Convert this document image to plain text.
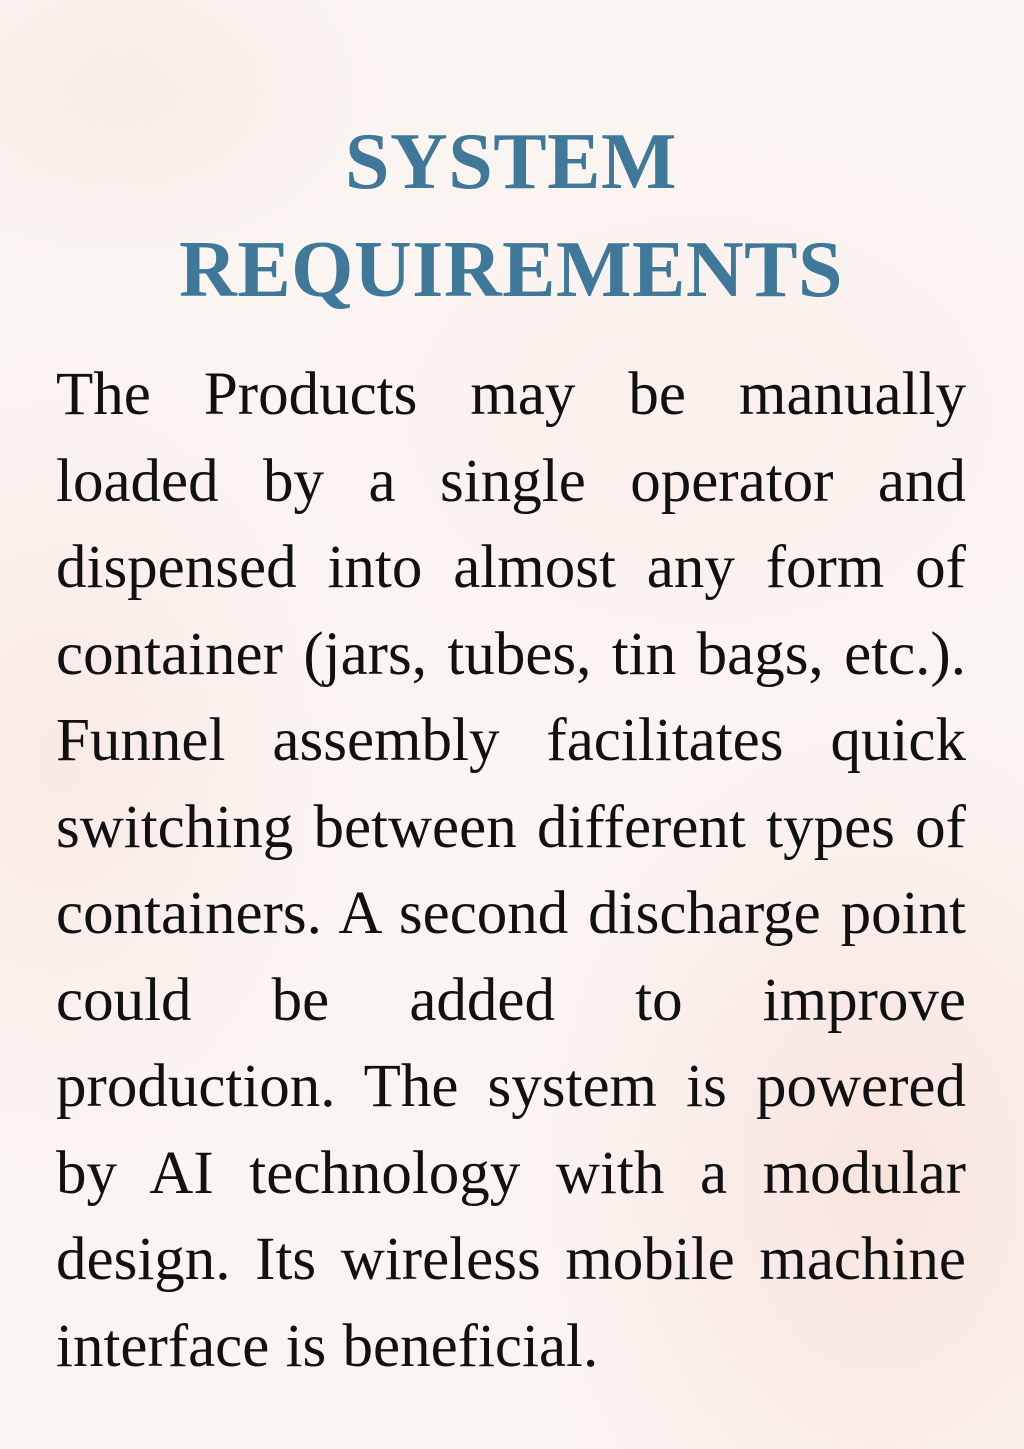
SYSTEM
REQUIREMENTS

The Products may be manually loaded by a single operator and dispensed into almost any form of container (jars, tubes, tin bags, etc.). Funnel assembly facilitates quick switching between different types of containers. A second discharge point could be added to improve production. The system is powered by AI technology with a modular design. Its wireless mobile machine interface is beneficial.
